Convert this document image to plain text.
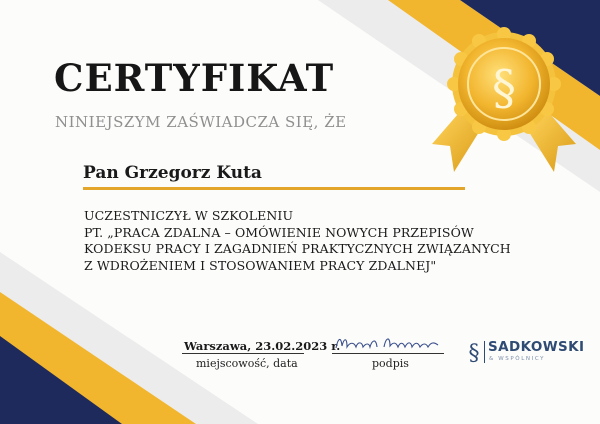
§
CERTYFIKAT
NINIEJSZYM ZAŚWIADCZA SIĘ, ŻE
Pan Grzegorz Kuta
UCZESTNICZYŁ W SZKOLENIU
PT. „PRACA ZDALNA – OMÓWIENIE NOWYCH PRZEPISÓW
KODEKSU PRACY I ZAGADNIEŃ PRAKTYCZNYCH ZWIĄZANYCH
Z WDROŻENIEM I STOSOWANIEM PRACY ZDALNEJ"
Warszawa, 23.02.2023 r.
miejscowość, data	podpis	§ SADKOWSKI
& WSPÓLNICY
